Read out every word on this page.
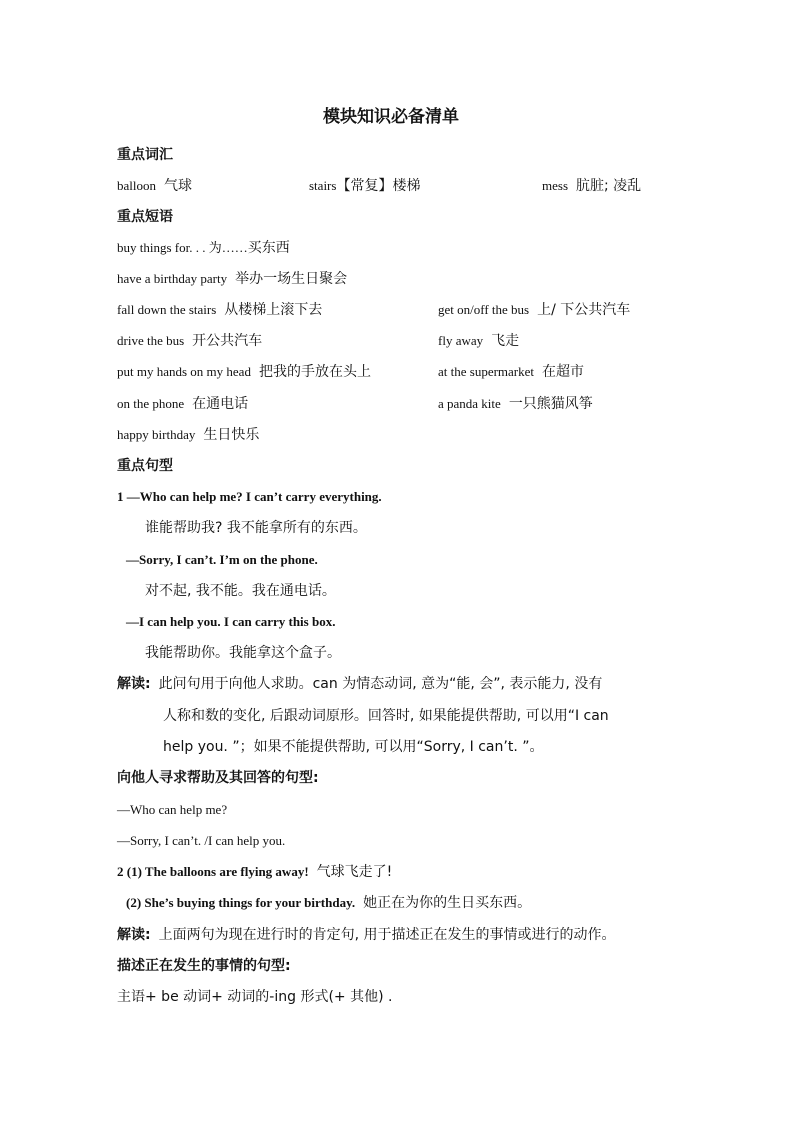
模块知识必备清单
重点词汇
balloon 气球	stairs【常复】楼梯	mess 肮脏; 凌乱
重点短语
buy things for. . . 为……买东西
have a birthday party 举办一场生日聚会
fall down the stairs 从楼梯上滚下去	get on/off the bus 上/ 下公共汽车
drive the bus 开公共汽车	fly away 飞走
put my hands on my head 把我的手放在头上	at the supermarket 在超市
on the phone 在通电话	a panda kite 一只熊猫风筝
happy birthday 生日快乐
重点句型
1 —Who can help me? I can’t carry everything.
谁能帮助我? 我不能拿所有的东西。
—Sorry, I can’t. I’m on the phone.
对不起, 我不能。我在通电话。
—I can help you. I can carry this box.
我能帮助你。我能拿这个盒子。
解读: 此问句用于向他人求助。can 为情态动词, 意为“能, 会”, 表示能力, 没有
人称和数的变化, 后跟动词原形。回答时, 如果能提供帮助, 可以用“I can
help you. ”；如果不能提供帮助, 可以用“Sorry, I can’t. ”。
向他人寻求帮助及其回答的句型:
—Who can help me?
—Sorry, I can’t. /I can help you.
2 (1) The balloons are flying away! 气球飞走了!
(2) She’s buying things for your birthday. 她正在为你的生日买东西。
解读: 上面两句为现在进行时的肯定句, 用于描述正在发生的事情或进行的动作。
描述正在发生的事情的句型:
主语+ be 动词+ 动词的-ing 形式(+ 其他) .
